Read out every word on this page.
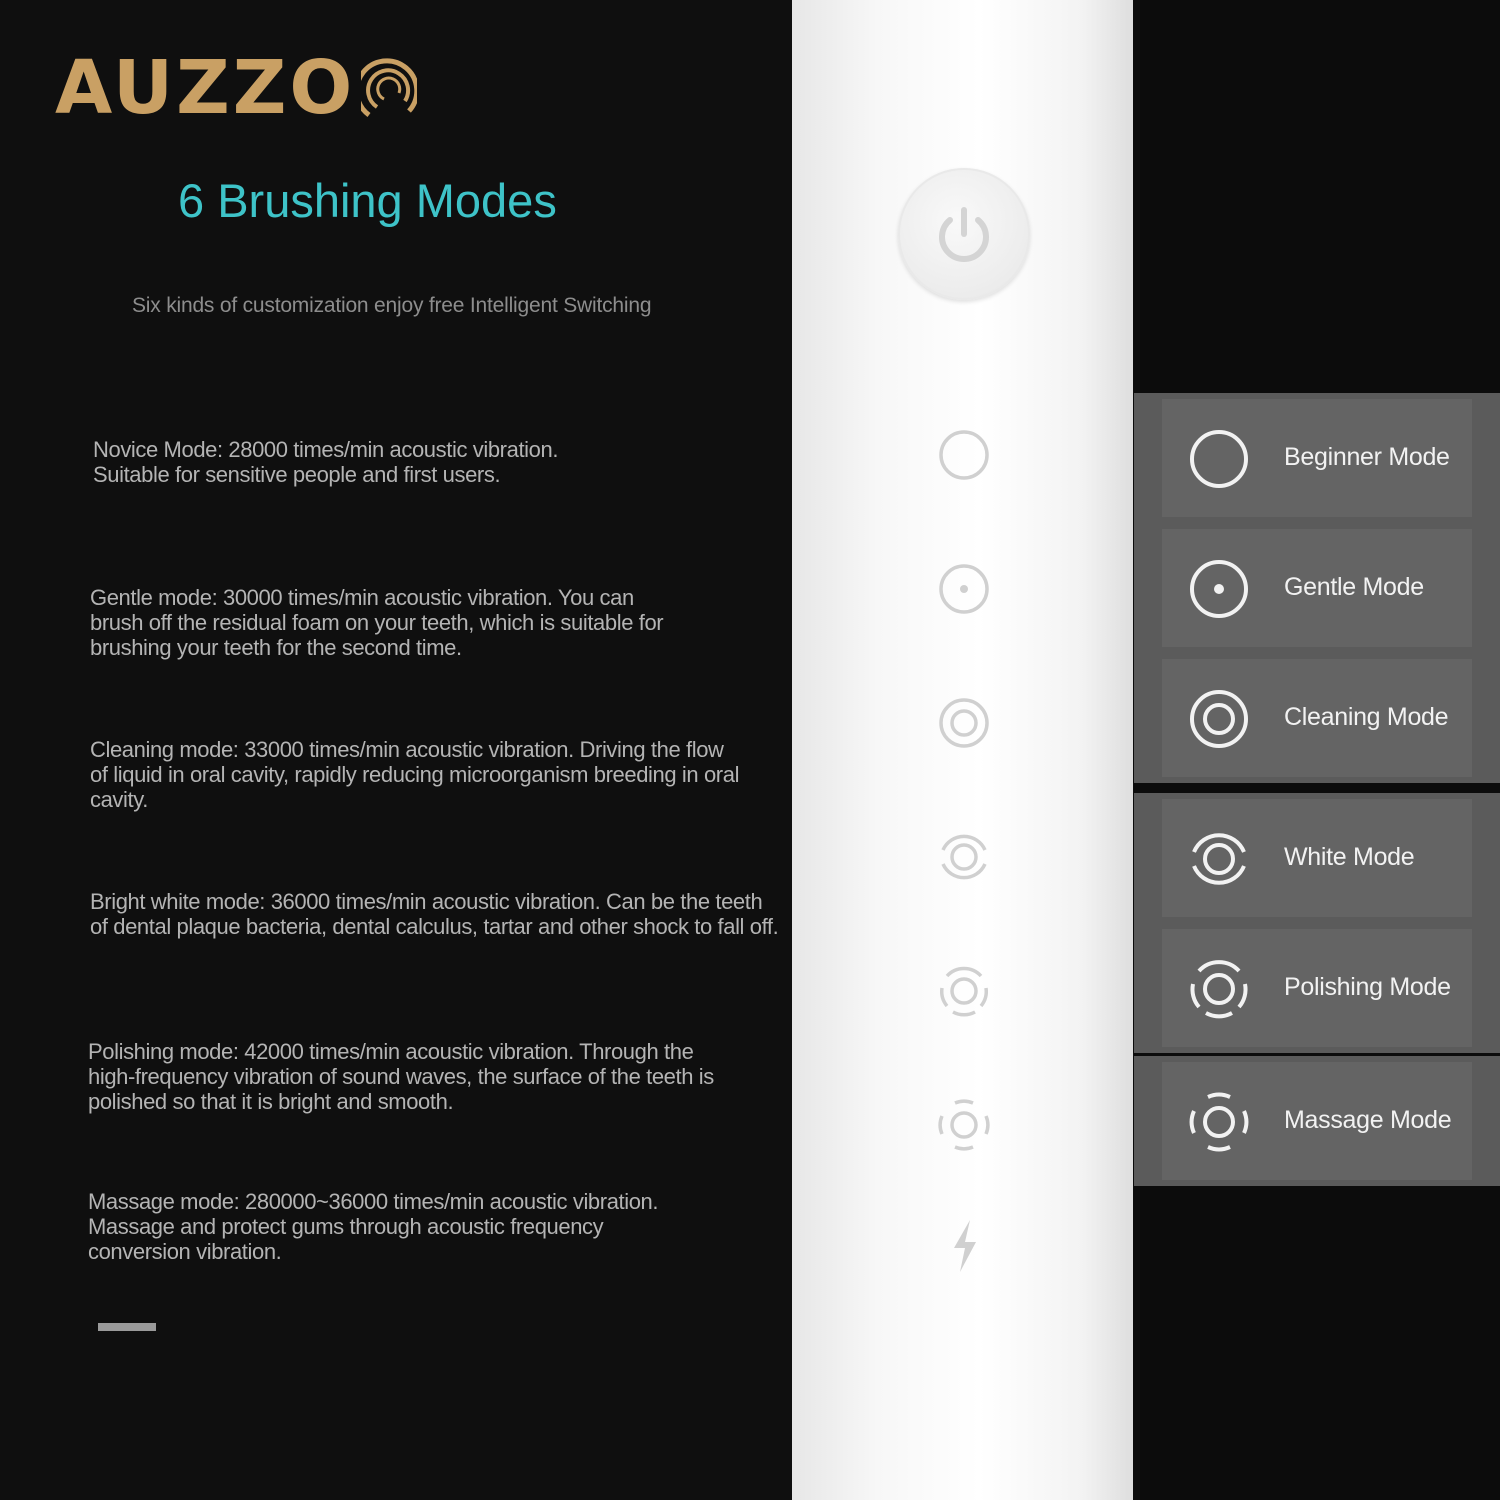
AUZZO
6 Brushing Modes
Six kinds of customization enjoy free Intelligent Switching
Novice Mode: 28000 times/min acoustic vibration. Suitable for sensitive people and first users.
Gentle mode: 30000 times/min acoustic vibration. You can brush off the residual foam on your teeth, which is suitable for brushing your teeth for the second time.
Cleaning mode: 33000 times/min acoustic vibration. Driving the flow of liquid in oral cavity, rapidly reducing microorganism breeding in oral cavity.
Bright white mode: 36000 times/min acoustic vibration. Can be the teeth of dental plaque bacteria, dental calculus, tartar and other shock to fall off.
Polishing mode: 42000 times/min acoustic vibration. Through the high-frequency vibration of sound waves, the surface of the teeth is polished so that it is bright and smooth.
Massage mode: 280000~36000 times/min acoustic vibration. Massage and protect gums through acoustic frequency conversion vibration.
Beginner Mode
Gentle Mode
Cleaning Mode
White Mode
Polishing Mode
Massage Mode
